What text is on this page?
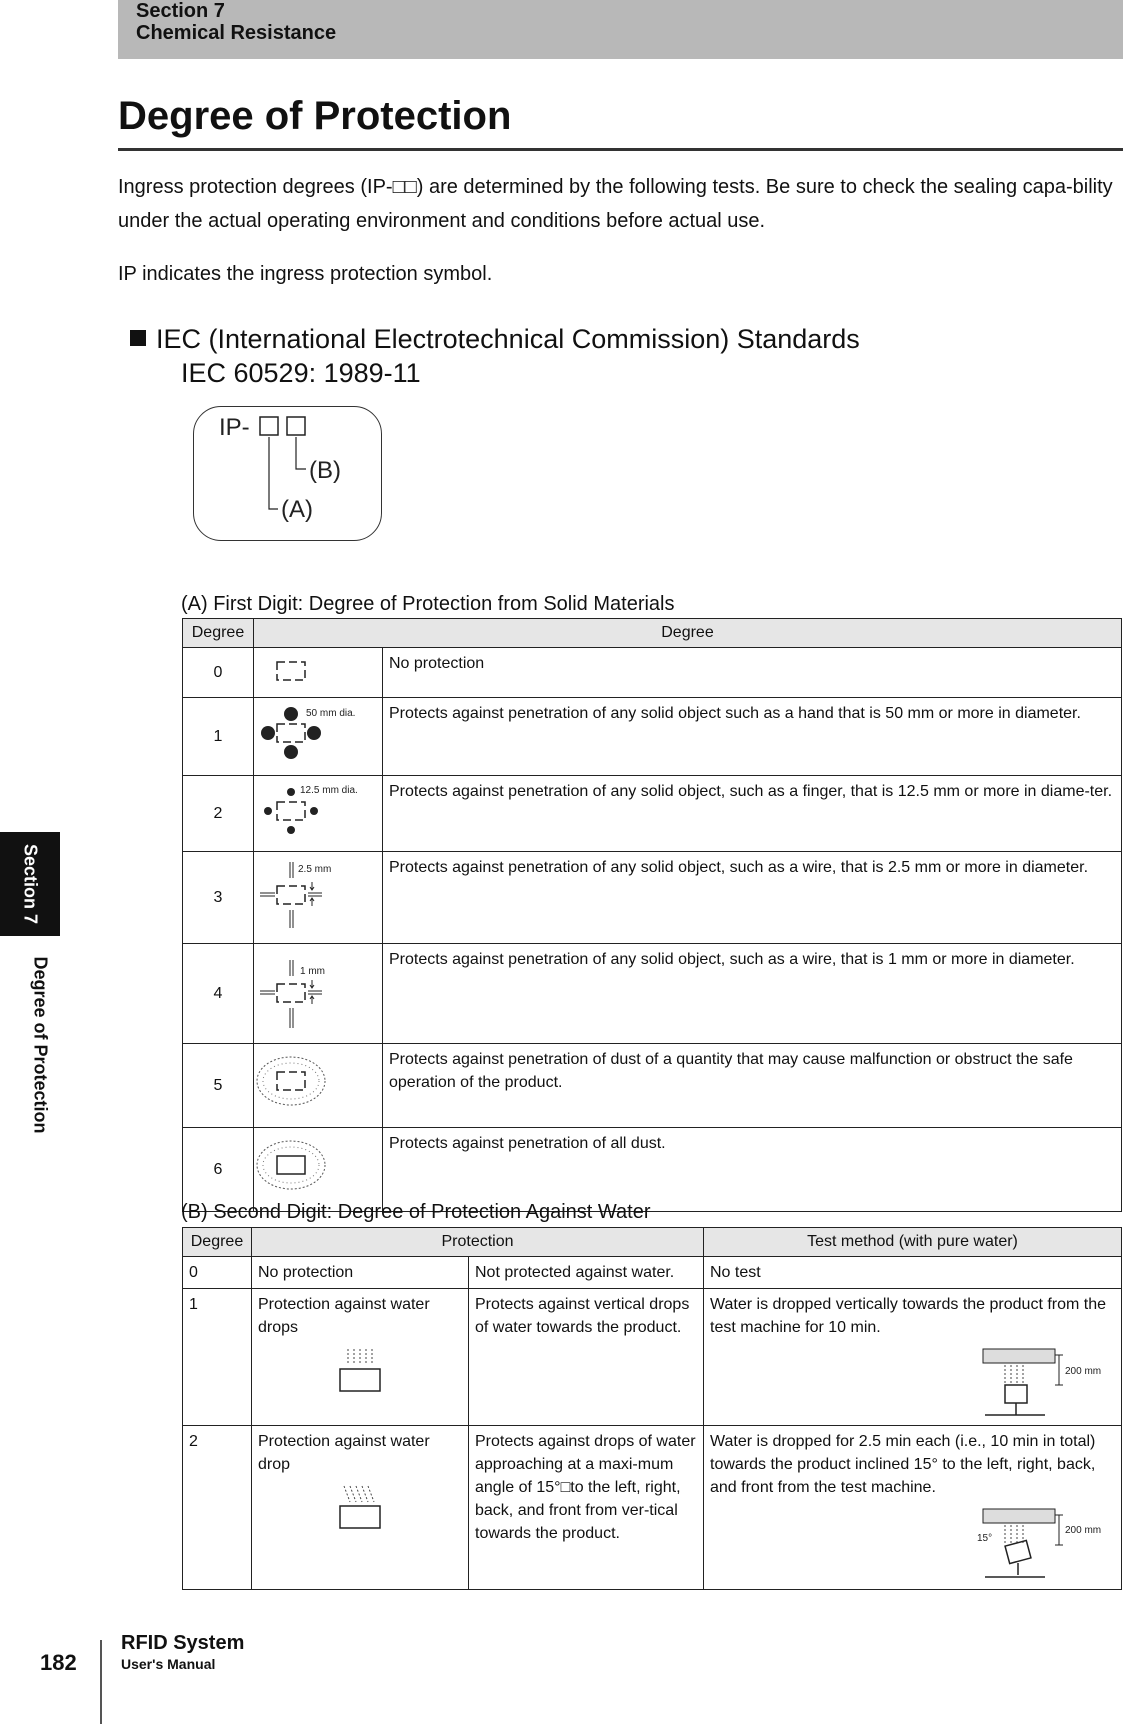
Section 7
Chemical Resistance
Section 7
Degree of Protection
Degree of Protection
Ingress protection degrees (IP-□□) are determined by the following tests. Be sure to check the sealing capa-bility under the actual operating environment and conditions before actual use.
IP indicates the ingress protection symbol.
IEC (International Electrotechnical Commission) Standards
IEC 60529: 1989-11
IP-
(B)
(A)
(A) First Digit: Degree of Protection from Solid Materials
Degree	Degree	
0		No protection
1	50 mm dia.	Protects against penetration of any solid object such as a hand that is 50 mm or more in diameter.
2	12.5 mm dia.	Protects against penetration of any solid object, such as a finger, that is 12.5 mm or more in diame-ter.
3	2.5 mm	Protects against penetration of any solid object, such as a wire, that is 2.5 mm or more in diameter.
4	1 mm	Protects against penetration of any solid object, such as a wire, that is 1 mm or more in diameter.
5		Protects against penetration of dust of a quantity that may cause malfunction or obstruct the safe operation of the product.
6		Protects against penetration of all dust.
(B) Second Digit: Degree of Protection Against Water
Degree	Protection		Test method (with pure water)
0	No protection	Not protected against water.	No test
1	Protection against water drops	Protects against vertical drops of water towards the product.	Water is dropped vertically towards the product from the test machine for 10 min.
200 mm

2	Protection against water drop	Protects against drops of water approaching at a maxi-mum angle of 15°□to the left, right, back, and front from ver-tical towards the product.	Water is dropped for 2.5 min each (i.e., 10 min in total) towards the product inclined 15° to the left, right, back, and front from the test machine.
200 mm
15°
182
RFID System
User's Manual
